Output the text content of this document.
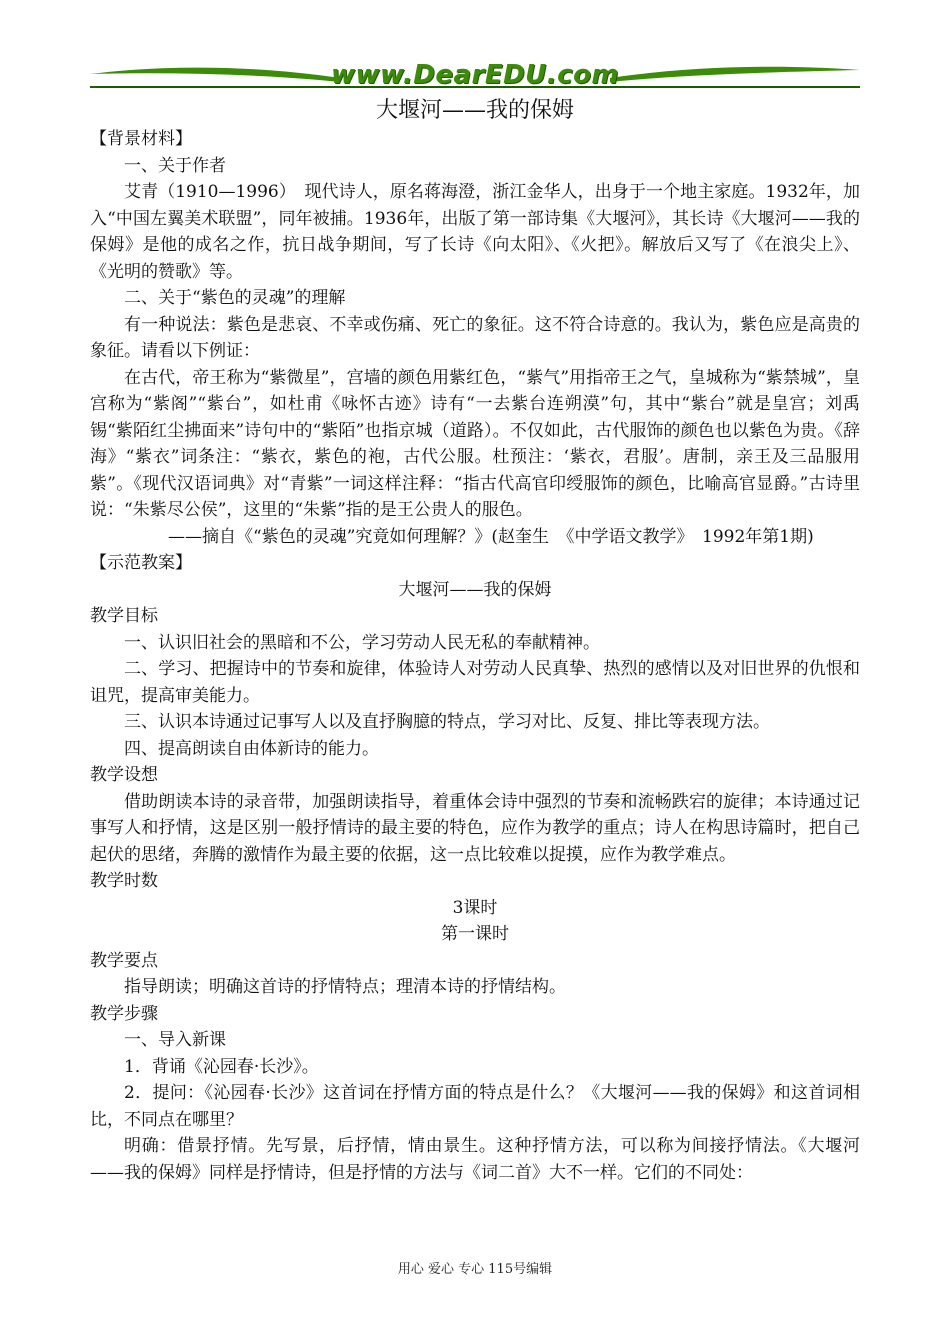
www.DearEDU.com
大堰河——我的保姆

【背景材料】

一、关于作者

艾青（1910—1996）　现代诗人，原名蒋海澄，浙江金华人，出身于一个地主家庭。1932年，加入“中国左翼美术联盟”，同年被捕。1936年，出版了第一部诗集《大堰河》，其长诗《大堰河——我的保姆》是他的成名之作，抗日战争期间，写了长诗《向太阳》、《火把》。解放后又写了《在浪尖上》、《光明的赞歌》等。

二、关于“紫色的灵魂”的理解

有一种说法：紫色是悲哀、不幸或伤痛、死亡的象征。这不符合诗意的。我认为，紫色应是高贵的象征。请看以下例证：

在古代，帝王称为“紫微星”，宫墙的颜色用紫红色，“紫气”用指帝王之气，皇城称为“紫禁城”，皇宫称为“紫阁”“紫台”，如杜甫《咏怀古迹》诗有“一去紫台连朔漠”句，其中“紫台”就是皇宫；刘禹锡“紫陌红尘拂面来”诗句中的“紫陌”也指京城（道路）。不仅如此，古代服饰的颜色也以紫色为贵。《辞海》“紫衣”词条注：“紫衣，紫色的袍，古代公服。杜预注：‘紫衣，君服’。唐制，亲王及三品服用紫”。《现代汉语词典》对“青紫”一词这样注释：“指古代高官印绶服饰的颜色，比喻高官显爵。”古诗里说：“朱紫尽公侯”，这里的“朱紫”指的是王公贵人的服色。

——摘自《“紫色的灵魂”究竟如何理解？》(赵奎生　《中学语文教学》　1992年第1期)

【示范教案】

大堰河——我的保姆

教学目标

一、认识旧社会的黑暗和不公，学习劳动人民无私的奉献精神。

二、学习、把握诗中的节奏和旋律，体验诗人对劳动人民真挚、热烈的感情以及对旧世界的仇恨和诅咒，提高审美能力。

三、认识本诗通过记事写人以及直抒胸臆的特点，学习对比、反复、排比等表现方法。

四、提高朗读自由体新诗的能力。

教学设想

借助朗读本诗的录音带，加强朗读指导，着重体会诗中强烈的节奏和流畅跌宕的旋律；本诗通过记事写人和抒情，这是区别一般抒情诗的最主要的特色，应作为教学的重点；诗人在构思诗篇时，把自己起伏的思绪，奔腾的激情作为最主要的依据，这一点比较难以捉摸，应作为教学难点。

教学时数

3课时

第一课时

教学要点

指导朗读；明确这首诗的抒情特点；理清本诗的抒情结构。

教学步骤

一、导入新课

1．背诵《沁园春·长沙》。

2．提问：《沁园春·长沙》这首词在抒情方面的特点是什么？《大堰河——我的保姆》和这首词相比，不同点在哪里？

明确：借景抒情。先写景，后抒情，情由景生。这种抒情方法，可以称为间接抒情法。《大堰河——我的保姆》同样是抒情诗，但是抒情的方法与《词二首》大不一样。它们的不同处：

用心 爱心 专心 115号编辑
